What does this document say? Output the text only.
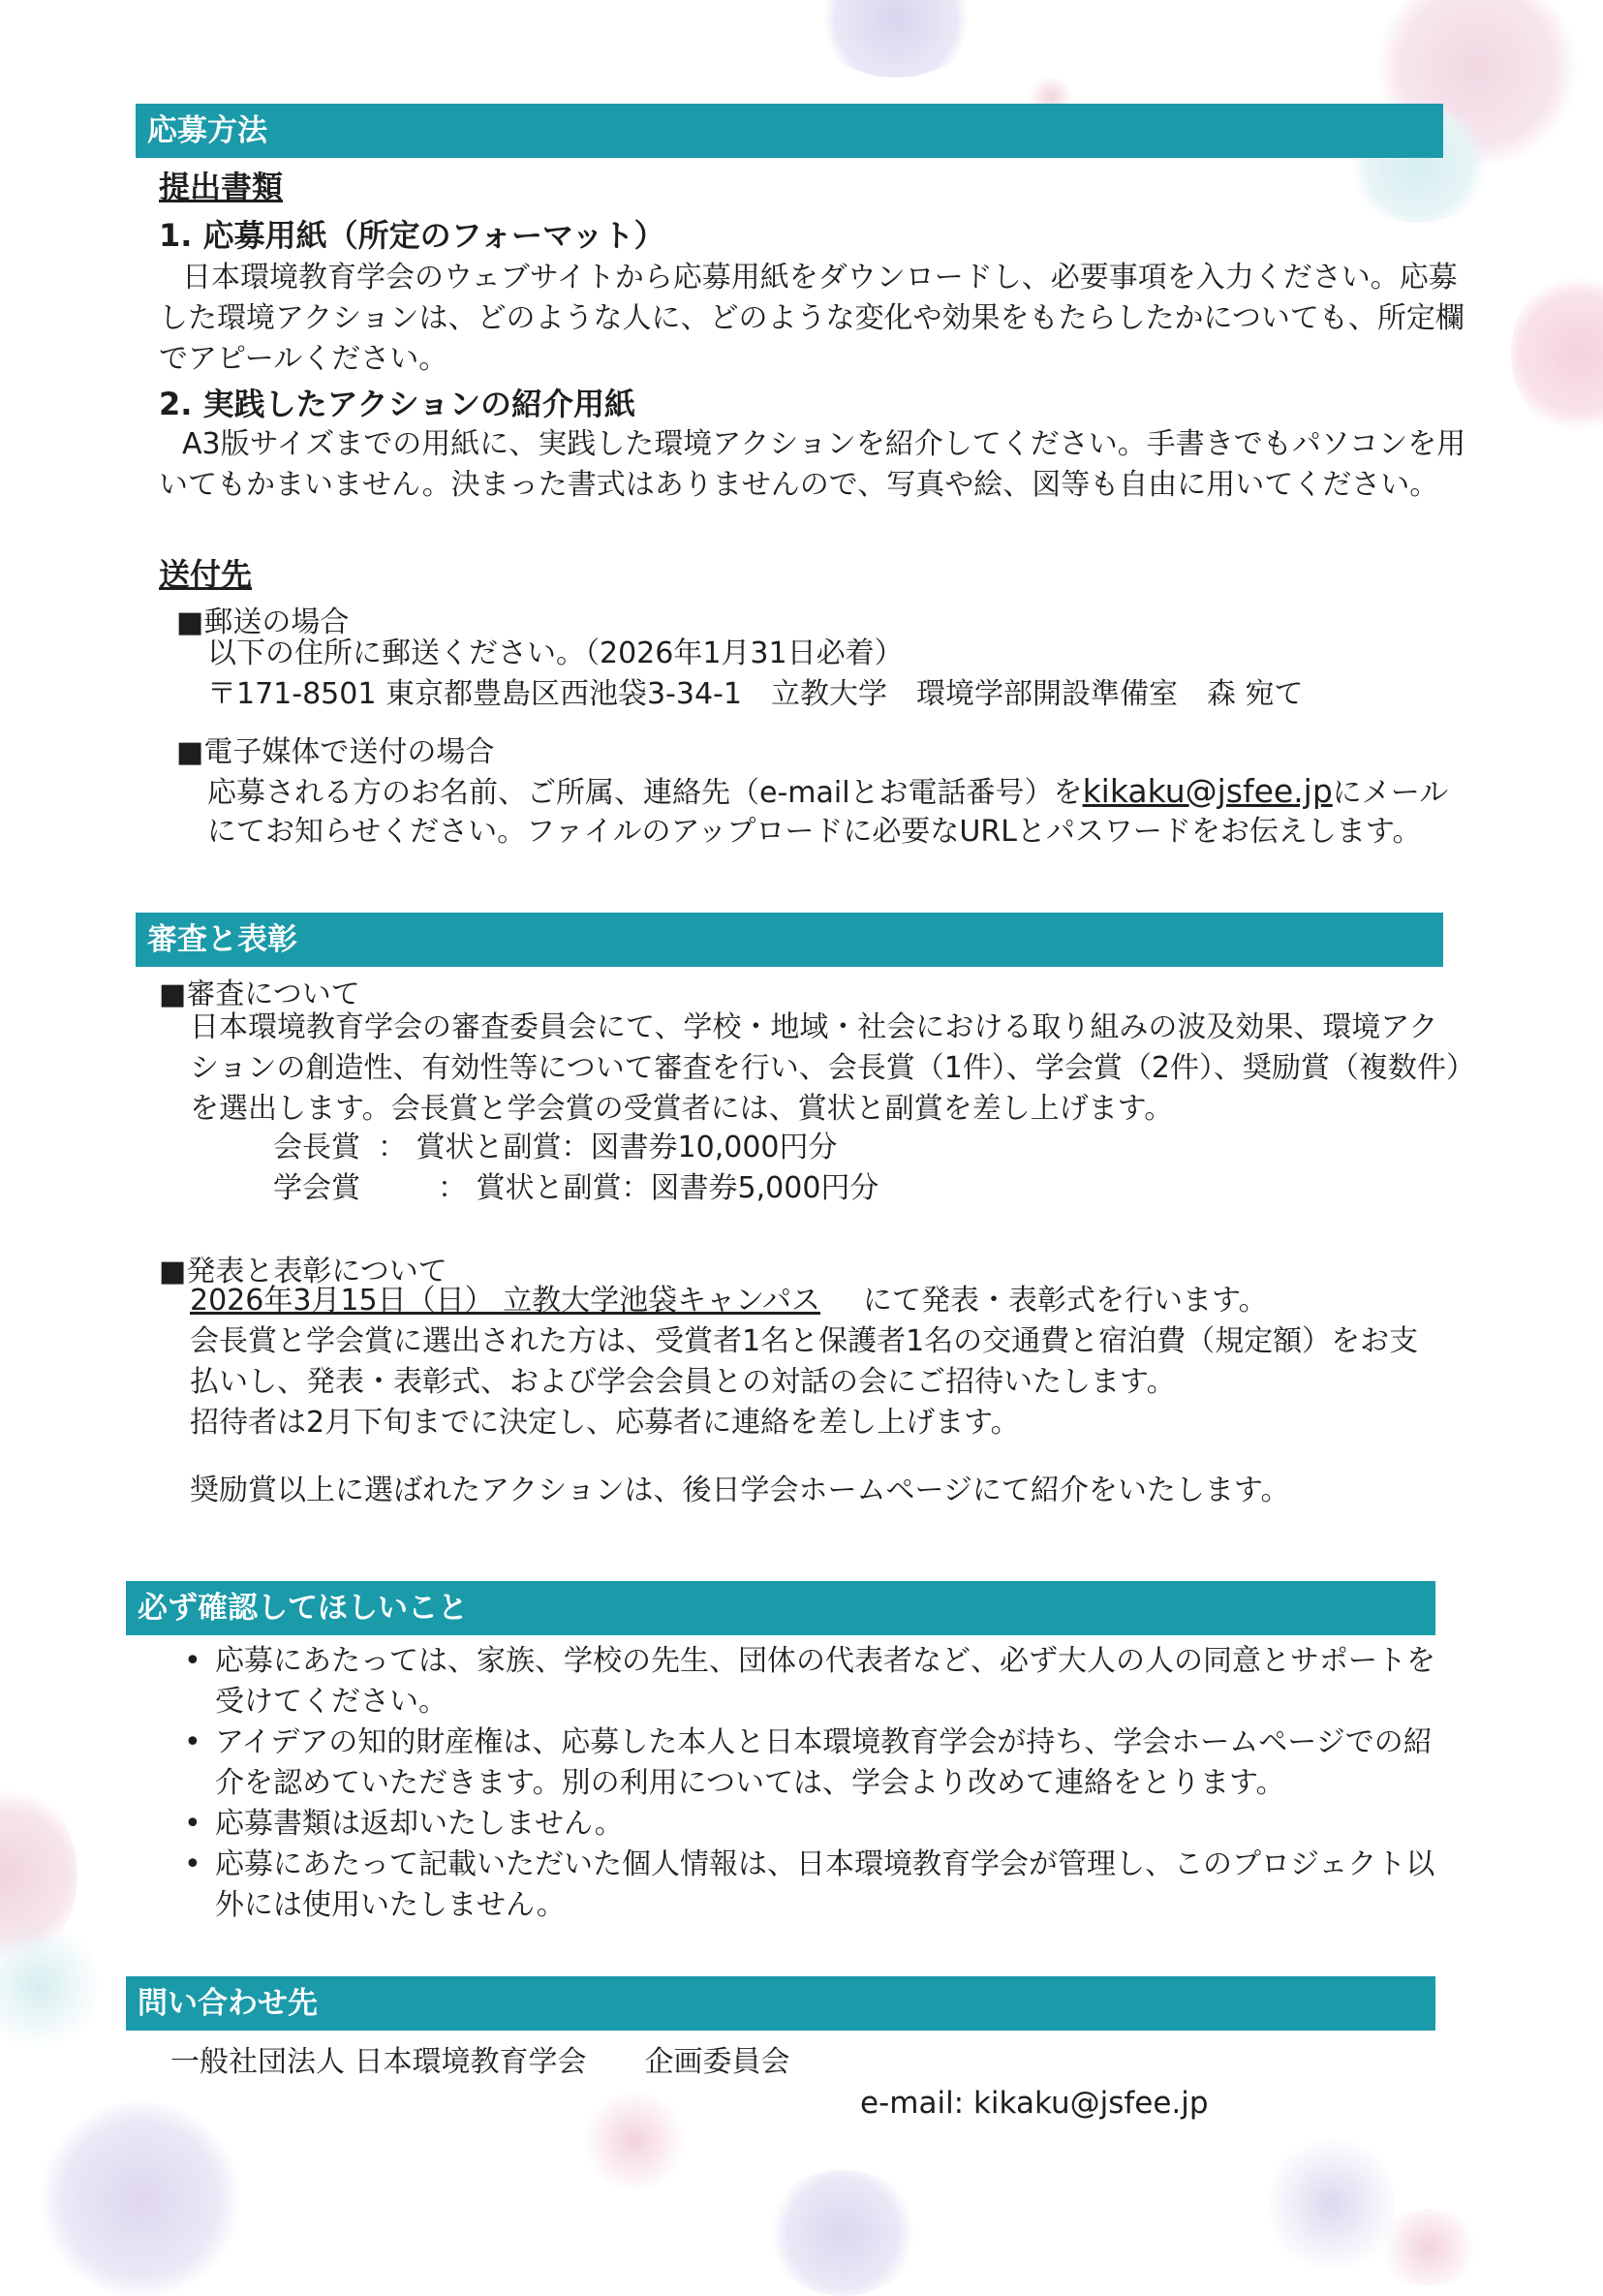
応募方法
提出書類
1. 応募用紙（所定のフォーマット）
日本環境教育学会のウェブサイトから応募用紙をダウンロードし、必要事項を入力ください。応募
した環境アクションは、どのような人に、どのような変化や効果をもたらしたかについても、所定欄
でアピールください。
2. 実践したアクションの紹介用紙
A3版サイズまでの用紙に、実践した環境アクションを紹介してください。手書きでもパソコンを用
いてもかまいません。決まった書式はありませんので、写真や絵、図等も自由に用いてください。
送付先
■郵送の場合
以下の住所に郵送ください。（2026年1月31日必着）
〒171-8501 東京都豊島区西池袋3-34-1　立教大学　環境学部開設準備室　森 宛て
■電子媒体で送付の場合
応募される方のお名前、ご所属、連絡先（e-mailとお電話番号）をkikaku@jsfee.jpにメール
にてお知らせください。ファイルのアップロードに必要なURLとパスワードをお伝えします。
審査と表彰
■審査について
日本環境教育学会の審査委員会にて、学校・地域・社会における取り組みの波及効果、環境アク
ションの創造性、有効性等について審査を行い、会長賞（1件）、学会賞（2件）、奨励賞（複数件）
を選出します。会長賞と学会賞の受賞者には、賞状と副賞を差し上げます。
会長賞 ： 賞状と副賞：図書券10,000円分
学会賞	： 賞状と副賞：図書券5,000円分
■発表と表彰について
2026年3月15日（日） 立教大学池袋キャンパス にて発表・表彰式を行います。
会長賞と学会賞に選出された方は、受賞者1名と保護者1名の交通費と宿泊費（規定額）をお支
払いし、発表・表彰式、および学会会員との対話の会にご招待いたします。
招待者は2月下旬までに決定し、応募者に連絡を差し上げます。
奨励賞以上に選ばれたアクションは、後日学会ホームページにて紹介をいたします。
必ず確認してほしいこと
• 応募にあたっては、家族、学校の先生、団体の代表者など、必ず大人の人の同意とサポートを
受けてください。
• アイデアの知的財産権は、応募した本人と日本環境教育学会が持ち、学会ホームページでの紹
介を認めていただきます。別の利用については、学会より改めて連絡をとります。
• 応募書類は返却いたしません。
• 応募にあたって記載いただいた個人情報は、日本環境教育学会が管理し、このプロジェクト以
外には使用いたしません。
問い合わせ先
一般社団法人 日本環境教育学会　　企画委員会
e-mail: kikaku@jsfee.jp
